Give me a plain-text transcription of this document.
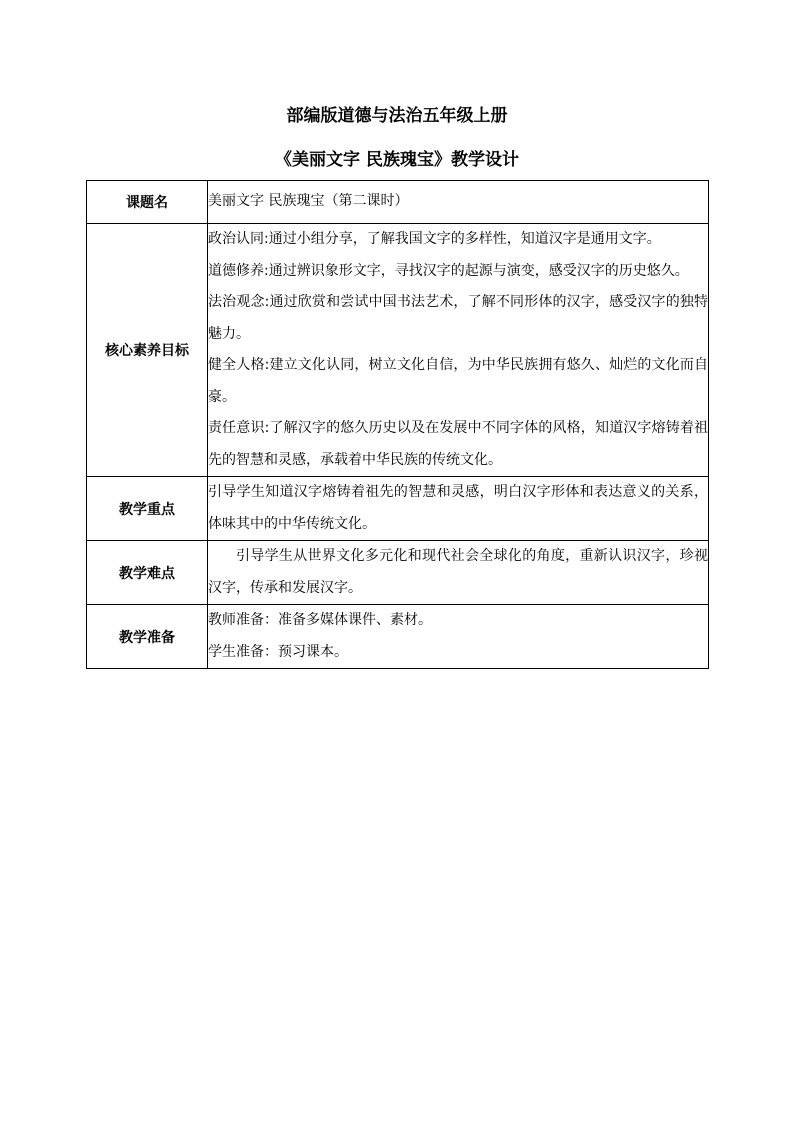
部编版道德与法治五年级上册
《美丽文字 民族瑰宝》教学设计
课题名	美丽文字 民族瑰宝（第二课时）
核心素养目标	政治认同:通过小组分享，了解我国文字的多样性，知道汉字是通用文字。

道德修养:通过辨识象形文字，寻找汉字的起源与演变，感受汉字的历史悠久。

法治观念:通过欣赏和尝试中国书法艺术，了解不同形体的汉字，感受汉字的独特魅力。

健全人格:建立文化认同，树立文化自信，为中华民族拥有悠久、灿烂的文化而自豪。

责任意识:了解汉字的悠久历史以及在发展中不同字体的风格，知道汉字熔铸着祖先的智慧和灵感，承载着中华民族的传统文化。

教学重点	引导学生知道汉字熔铸着祖先的智慧和灵感，明白汉字形体和表达意义的关系，体味其中的中华传统文化。

教学难点	引导学生从世界文化多元化和现代社会全球化的角度，重新认识汉字，珍视汉字，传承和发展汉字。

教学准备	教师准备：准备多媒体课件、素材。

学生准备：预习课本。
